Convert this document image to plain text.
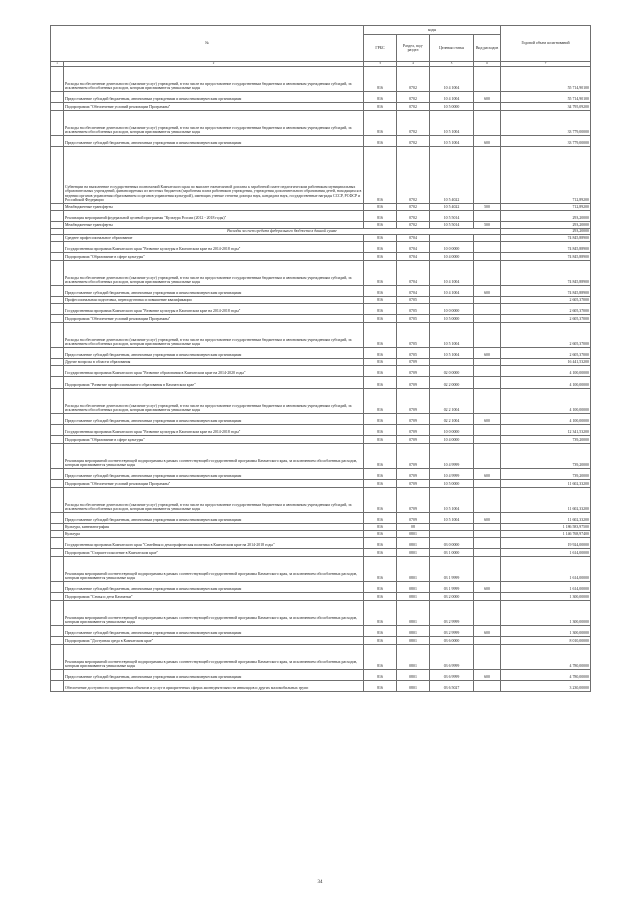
№		коды				Годовой объем ассигнований
		ГРБС	Раздел, под-раздел	Целевая статья	Вид расходов	
1	2	3	4	5	6	7
	Расходы на обеспечение деятельности (оказание услуг) учреждений, в том числе на предоставление государственным бюджетным и автономным учреждениям субсидий, за исключением обособленных расходов, которым присваиваются уникальные коды	816	0702	10 4 1004		55 714,90100
	Предоставление субсидий бюджетным, автономным учреждениям и иным некоммерческим организациям	816	0702	10 4 1004	600	55 714,90100
	Подпрограмма "Обеспечение условий реализации Программы"	816	0702	10 5 0000		34 795,09200
	Расходы на обеспечение деятельности (оказание услуг) учреждений, в том числе на предоставление государственным бюджетным и автономным учреждениям субсидий, за исключением обособленных расходов, которым присваиваются уникальные коды	816	0702	10 5 1004		33 779,00000
	Предоставление субсидий бюджетным, автономным учреждениям и иным некоммерческим организациям	816	0702	10 5 1004	600	33 779,00000
	Субвенции на выполнение государственных полномочий Камчатского края по выплате ежемесячной доплаты к заработной плате педагогическим работникам муниципальных образовательных учреждений, финансируемых из местных бюджетов (заработная плата работников учреждения, учреждения дополнительного образования детей, находящихся в ведении органов управления образованием и органов управления культурой), имеющих ученые степени доктора наук, кандидата наук, государственные награды СССР, РСФСР и Российской Федерации	816	0702	10 5 4022		712,89200
	Межбюджетные трансферты	816	0702	10 5 4022	500	712,89200
	Реализация мероприятий федеральной целевой программы "Культура России (2012 - 2018 годы)"	816	0702	10 5 5014		293,20000
	Межбюджетные трансферты	816	0702	10 5 5014	500	293,20000
	Расходы за счет средств федерального бюджета в данной сумме					293,20000
	Среднее профессиональное образование	816	0704			74 845,88900
	Государственная программа Камчатского края "Развитие культуры в Камчатском крае на 2014-2018 годы"	816	0704	10 0 0000		74 845,88900
	Подпрограмма "Образование в сфере культуры"	816	0704	10 4 0000		74 845,88900
	Расходы на обеспечение деятельности (оказание услуг) учреждений, в том числе на предоставление государственным бюджетным и автономным учреждениям субсидий, за исключением обособленных расходов, которым присваиваются уникальные коды	816	0704	10 4 1004		74 845,88900
	Предоставление субсидий бюджетным, автономным учреждениям и иным некоммерческим организациям	816	0704	10 4 1004	600	74 845,88900
	Профессиональная подготовка, переподготовка и повышение квалификации	816	0705			2 605,37000
	Государственная программа Камчатского края "Развитие культуры в Камчатском крае на 2014-2018 годы"	816	0705	10 0 0000		2 605,37000
	Подпрограмма "Обеспечение условий реализации Программы"	816	0705	10 5 0000		2 605,37000
	Расходы на обеспечение деятельности (оказание услуг) учреждений, в том числе на предоставление государственным бюджетным и автономным учреждениям субсидий, за исключением обособленных расходов, которым присваиваются уникальные коды	816	0705	10 5 1004		2 605,37000
	Предоставление субсидий бюджетным, автономным учреждениям и иным некоммерческим организациям	816	0705	10 5 1004	600	2 605,37000
	Другие вопросы в области образования	816	0709			16 441,53200
	Государственная программа Камчатского края "Развитие образования в Камчатском крае на 2014-2020 годы"	816	0709	02 0 0000		4 100,00000
	Подпрограмма "Развитие профессионального образования в Камчатском крае"	816	0709	02 2 0000		4 100,00000
	Расходы на обеспечение деятельности (оказание услуг) учреждений, в том числе на предоставление государственным бюджетным и автономным учреждениям субсидий, за исключением обособленных расходов, которым присваиваются уникальные коды	816	0709	02 2 1004		4 100,00000
	Предоставление субсидий бюджетным, автономным учреждениям и иным некоммерческим организациям	816	0709	02 2 1004	600	4 100,00000
	Государственная программа Камчатского края "Развитие культуры в Камчатском крае на 2014-2018 годы"	816	0709	10 0 0000		12 341,53200
	Подпрограмма "Образование в сфере культуры"	816	0709	10 4 0000		739,20000
	Реализация мероприятий соответствующей подпрограммы в рамках соответствующей государственной программы Камчатского края, за исключением обособленных расходов, которым присваиваются уникальные коды	816	0709	10 4 9999		739,20000
	Предоставление субсидий бюджетным, автономным учреждениям и иным некоммерческим организациям	816	0709	10 4 9999	600	739,20000
	Подпрограмма "Обеспечение условий реализации Программы"	816	0709	10 5 0000		11 602,33200
	Расходы на обеспечение деятельности (оказание услуг) учреждений, в том числе на предоставление государственным бюджетным и автономным учреждениям субсидий, за исключением обособленных расходов, которым присваиваются уникальные коды	816	0709	10 5 1004		11 602,33200
	Предоставление субсидий бюджетным, автономным учреждениям и иным некоммерческим организациям	816	0709	10 5 1004	600	11 602,33200
	Культура, кинематография	816	08			1 186 583,97500
	Культура	816	0801			1 146 768,97400
	Государственная программа Камчатского края "Семейная и демографическая политика в Камчатском крае на 2014-2018 годы"	816	0801	03 0 0000		19 924,00000
	Подпрограмма "Старшее поколение в Камчатском крае"	816	0801	03 1 0000		1 614,00000
	Реализация мероприятий соответствующей подпрограммы в рамках соответствующей государственной программы Камчатского края, за исключением обособленных расходов, которым присваиваются уникальные коды	816	0801	03 1 9999		1 614,00000
	Предоставление субсидий бюджетным, автономным учреждениям и иным некоммерческим организациям	816	0801	03 1 9999	600	1 614,00000
	Подпрограмма "Семья и дети Камчатки"	816	0801	03 2 0000		1 300,00000
	Реализация мероприятий соответствующей подпрограммы в рамках соответствующей государственной программы Камчатского края, за исключением обособленных расходов, которым присваиваются уникальные коды	816	0801	03 2 9999		1 300,00000
	Предоставление субсидий бюджетным, автономным учреждениям и иным некоммерческим организациям	816	0801	03 2 9999	600	1 300,00000
	Подпрограмма "Доступная среда в Камчатском крае"	816	0801	03 6 0000		8 010,00000
	Реализация мероприятий соответствующей подпрограммы в рамках соответствующей государственной программы Камчатского края, за исключением обособленных расходов, которым присваиваются уникальные коды	816	0801	03 6 9999		4 780,00000
	Предоставление субсидий бюджетным, автономным учреждениям и иным некоммерческим организациям	816	0801	03 6 9999	600	4 780,00000
	Обеспечение доступности приоритетных объектов и услуг в приоритетных сферах жизнедеятельности инвалидов и других маломобильных групп	816	0801	03 6 5027		3 230,00000
34
